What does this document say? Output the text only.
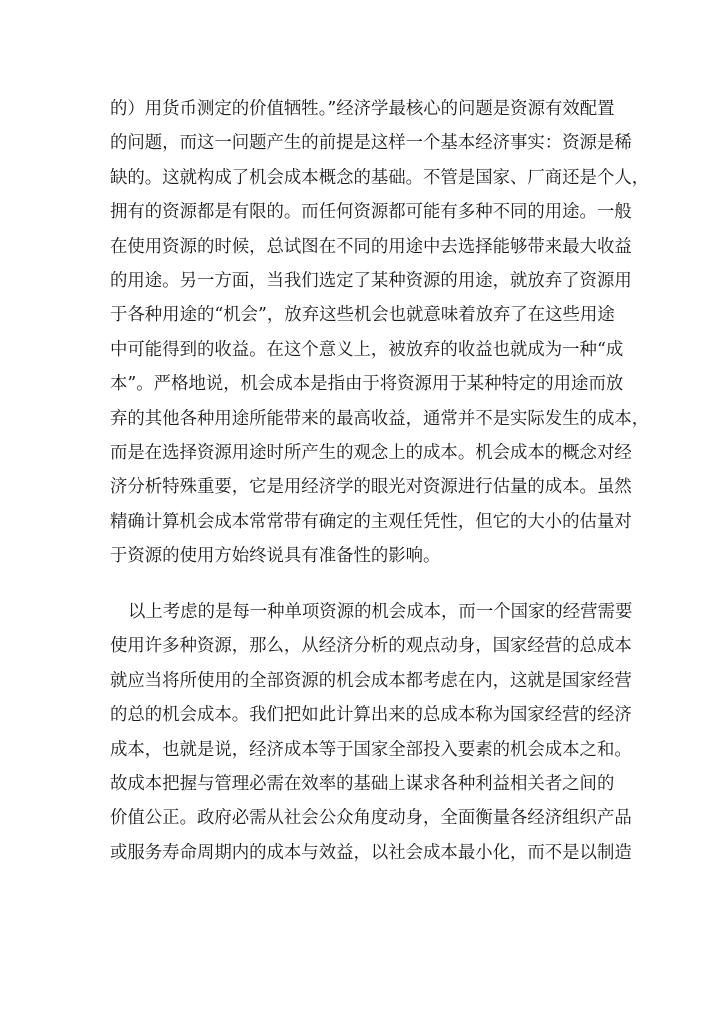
的）用货币测定的价值牺牲。”经济学最核心的问题是资源有效配置
的问题，而这一问题产生的前提是这样一个基本经济事实：资源是稀
缺的。这就构成了机会成本概念的基础。不管是国家、厂商还是个人，
拥有的资源都是有限的。而任何资源都可能有多种不同的用途。一般
在使用资源的时候，总试图在不同的用途中去选择能够带来最大收益
的用途。另一方面，当我们选定了某种资源的用途，就放弃了资源用
于各种用途的“机会”，放弃这些机会也就意味着放弃了在这些用途
中可能得到的收益。在这个意义上，被放弃的收益也就成为一种“成
本”。严格地说，机会成本是指由于将资源用于某种特定的用途而放
弃的其他各种用途所能带来的最高收益，通常并不是实际发生的成本，
而是在选择资源用途时所产生的观念上的成本。机会成本的概念对经
济分析特殊重要，它是用经济学的眼光对资源进行估量的成本。虽然
精确计算机会成本常常带有确定的主观任凭性，但它的大小的估量对
于资源的使用方始终说具有准备性的影响。
以上考虑的是每一种单项资源的机会成本，而一个国家的经营需要
使用许多种资源，那么，从经济分析的观点动身，国家经营的总成本
就应当将所使用的全部资源的机会成本都考虑在内，这就是国家经营
的总的机会成本。我们把如此计算出来的总成本称为国家经营的经济
成本，也就是说，经济成本等于国家全部投入要素的机会成本之和。
故成本把握与管理必需在效率的基础上谋求各种利益相关者之间的
价值公正。政府必需从社会公众角度动身，全面衡量各经济组织产品
或服务寿命周期内的成本与效益，以社会成本最小化，而不是以制造
